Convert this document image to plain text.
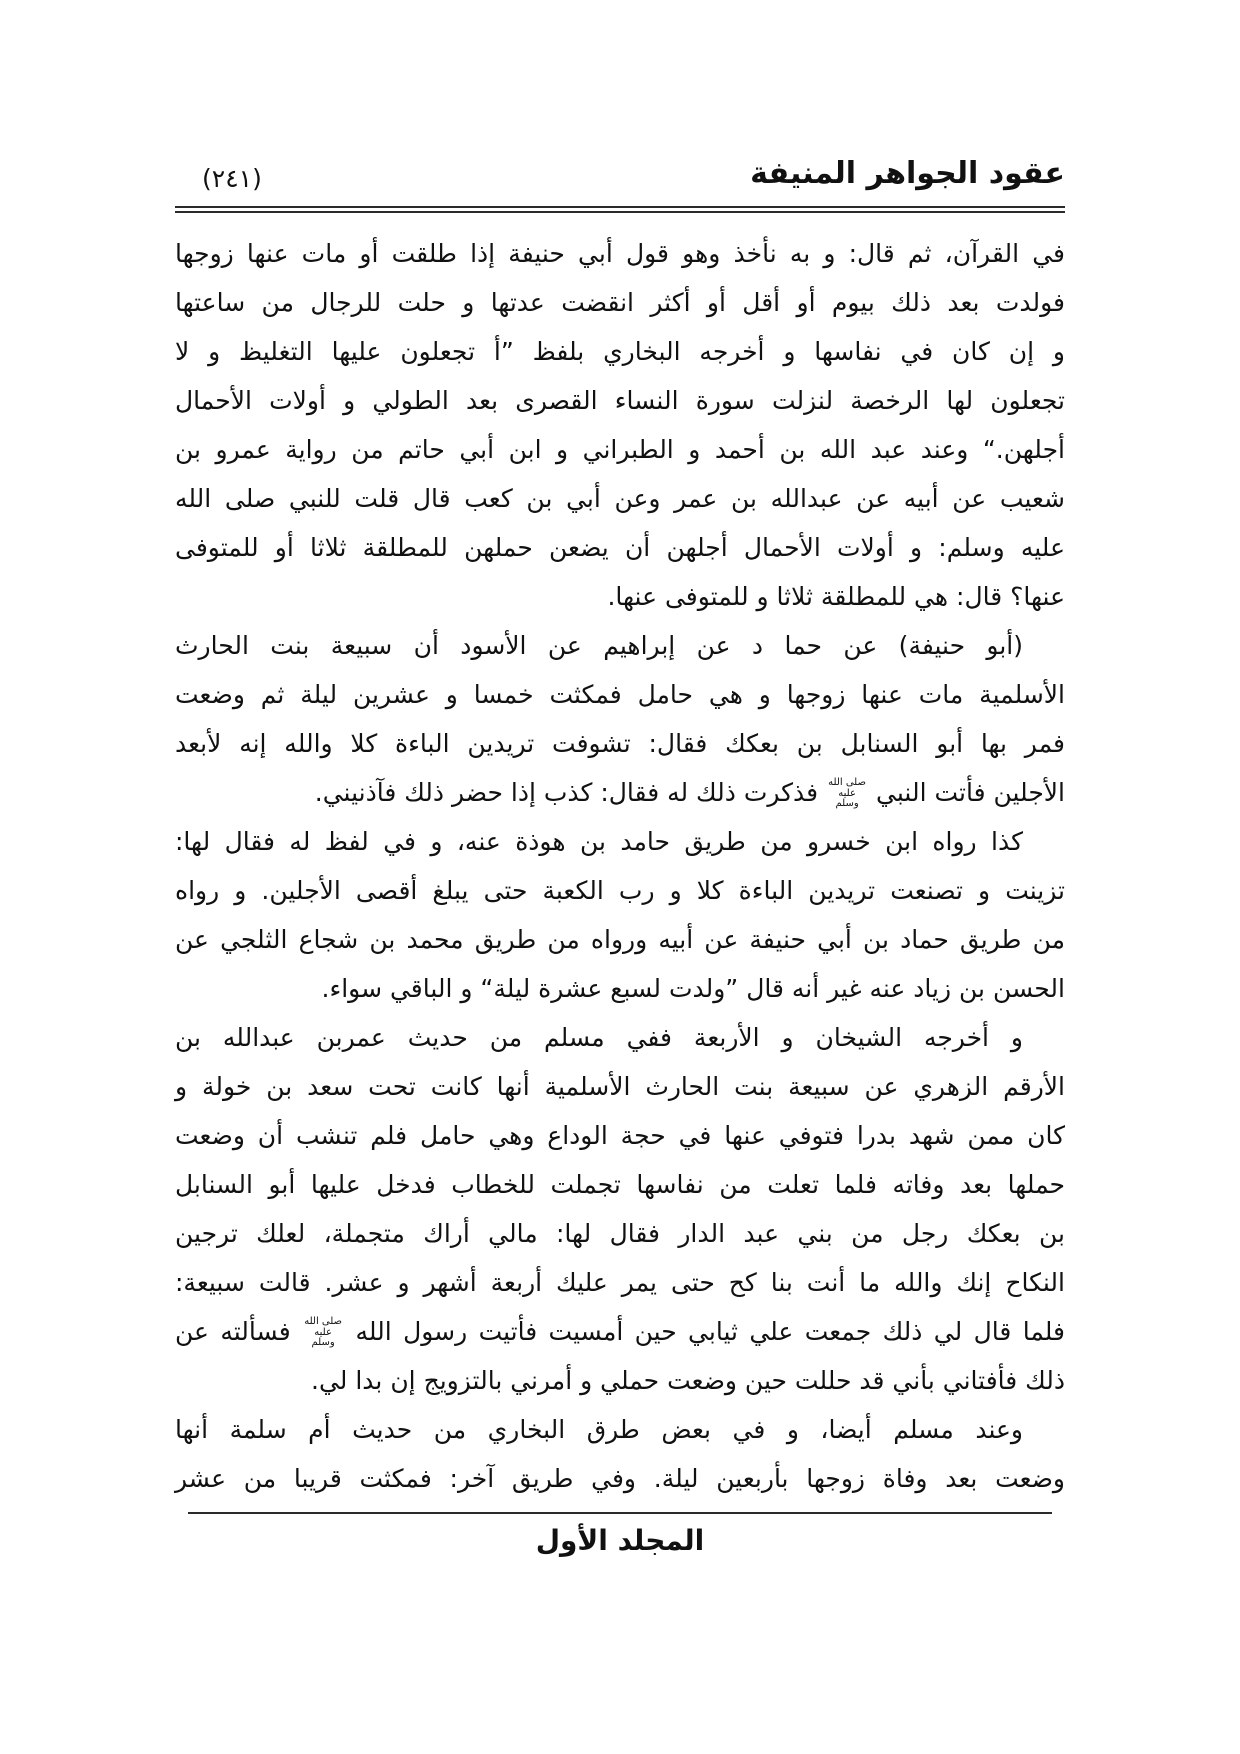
عقود الجواهر المنيفة
(٢٤١)
في القرآن، ثم قال: و به نأخذ وهو قول أبي حنيفة إذا طلقت أو مات عنها زوجها
فولدت بعد ذلك بيوم أو أقل أو أكثر انقضت عدتها و حلت للرجال من ساعتها
و إن كان في نفاسها و أخرجه البخاري بلفظ ”أ تجعلون عليها التغليظ و لا
تجعلون لها الرخصة لنزلت سورة النساء القصرى بعد الطولي و أولات الأحمال
أجلهن.“ وعند عبد الله بن أحمد و الطبراني و ابن أبي حاتم من رواية عمرو بن
شعيب عن أبيه عن عبدالله بن عمر وعن أبي بن كعب قال قلت للنبي صلى الله
عليه وسلم: و أولات الأحمال أجلهن أن يضعن حملهن للمطلقة ثلاثا أو للمتوفى
عنها؟ قال: هي للمطلقة ثلاثا و للمتوفى عنها.
(أبو حنيفة) عن حما د عن إبراهيم عن الأسود أن سبيعة بنت الحارث
الأسلمية مات عنها زوجها و هي حامل فمكثت خمسا و عشرين ليلة ثم وضعت
فمر بها أبو السنابل بن بعكك فقال: تشوفت تريدين الباءة كلا والله إنه لأبعد
الأجلين فأتت النبي صلى الله عليه وسلم فذكرت ذلك له فقال: كذب إذا حضر ذلك فآذنيني.
كذا رواه ابن خسرو من طريق حامد بن هوذة عنه، و في لفظ له فقال لها:
تزينت و تصنعت تريدين الباءة كلا و رب الكعبة حتى يبلغ أقصى الأجلين. و رواه
من طريق حماد بن أبي حنيفة عن أبيه ورواه من طريق محمد بن شجاع الثلجي عن
الحسن بن زياد عنه غير أنه قال ”ولدت لسبع عشرة ليلة“ و الباقي سواء.
و أخرجه الشيخان و الأربعة ففي مسلم من حديث عمربن عبدالله بن
الأرقم الزهري عن سبيعة بنت الحارث الأسلمية أنها كانت تحت سعد بن خولة و
كان ممن شهد بدرا فتوفي عنها في حجة الوداع وهي حامل فلم تنشب أن وضعت
حملها بعد وفاته فلما تعلت من نفاسها تجملت للخطاب فدخل عليها أبو السنابل
بن بعكك رجل من بني عبد الدار فقال لها: مالي أراك متجملة، لعلك ترجين
النكاح إنك والله ما أنت بنا كح حتى يمر عليك أربعة أشهر و عشر. قالت سبيعة:
فلما قال لي ذلك جمعت علي ثيابي حين أمسيت فأتيت رسول الله صلى الله عليه وسلم فسألته عن
ذلك فأفتاني بأني قد حللت حين وضعت حملي و أمرني بالتزويج إن بدا لي.
وعند مسلم أيضا، و في بعض طرق البخاري من حديث أم سلمة أنها
وضعت بعد وفاة زوجها بأربعين ليلة. وفي طريق آخر: فمكثت قريبا من عشر
المجلد الأول
